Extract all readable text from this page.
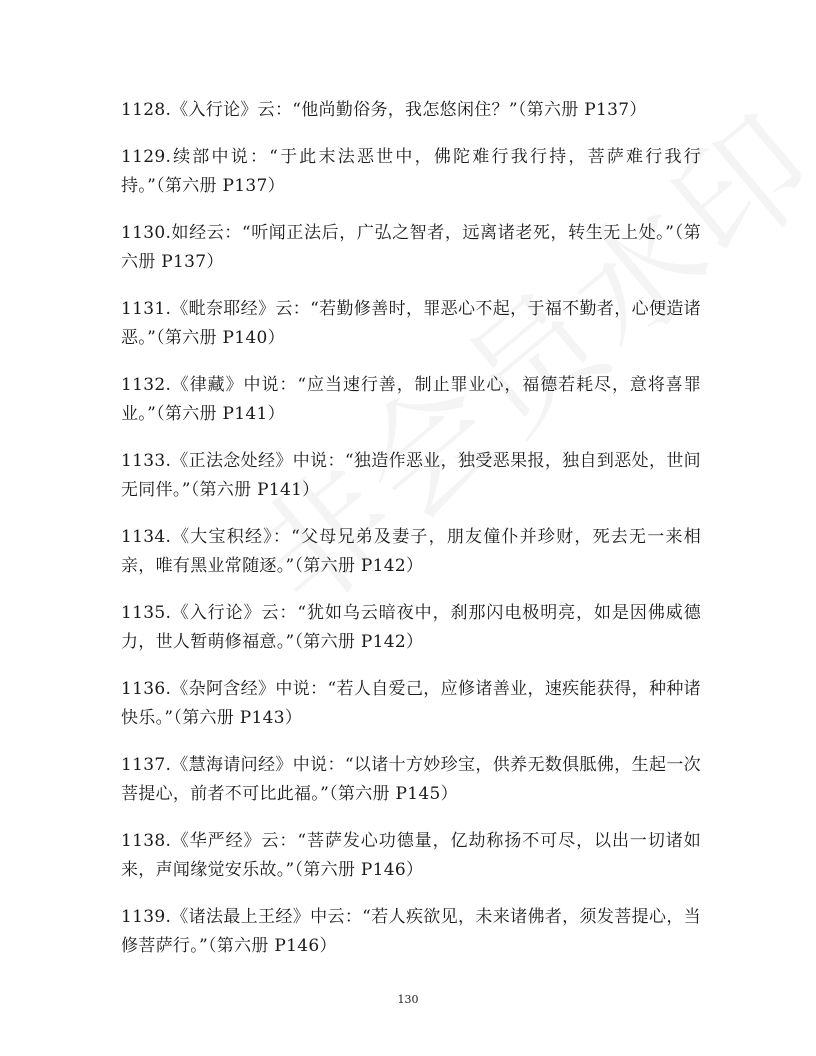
1128.《入行论》云：“他尚勤俗务，我怎悠闲住？”（第六册 P137）

1129.续部中说：“于此末法恶世中，佛陀难行我行持，菩萨难行我行持。”（第六册 P137）

1130.如经云：“听闻正法后，广弘之智者，远离诸老死，转生无上处。”（第六册 P137）

1131.《毗奈耶经》云：“若勤修善时，罪恶心不起，于福不勤者，心便造诸恶。”（第六册 P140）

1132.《律藏》中说：“应当速行善，制止罪业心，福德若耗尽，意将喜罪业。”（第六册 P141）

1133.《正法念处经》中说：“独造作恶业，独受恶果报，独自到恶处，世间无同伴。”（第六册 P141）

1134.《大宝积经》：“父母兄弟及妻子，朋友僮仆并珍财，死去无一来相亲，唯有黑业常随逐。”（第六册 P142）

1135.《入行论》云：“犹如乌云暗夜中，刹那闪电极明亮，如是因佛威德力，世人暂萌修福意。”（第六册 P142）

1136.《杂阿含经》中说：“若人自爱己，应修诸善业，速疾能获得，种种诸快乐。”（第六册 P143）

1137.《慧海请问经》中说：“以诸十方妙珍宝，供养无数俱胝佛，生起一次菩提心，前者不可比此福。”（第六册 P145）

1138.《华严经》云：“菩萨发心功德量，亿劫称扬不可尽，以出一切诸如来，声闻缘觉安乐故。”（第六册 P146）

1139.《诸法最上王经》中云：“若人疾欲见，未来诸佛者，须发菩提心，当修菩萨行。”（第六册 P146）

130
